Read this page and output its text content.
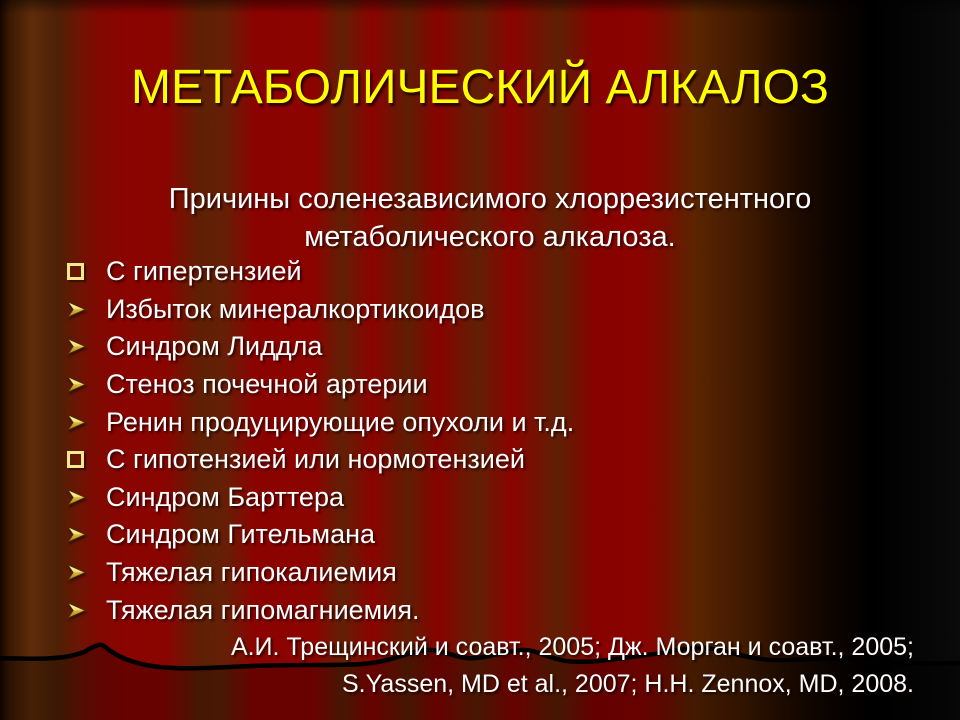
МЕТАБОЛИЧЕСКИЙ АЛКАЛОЗ
Причины соленезависимого хлоррезистентного
метаболического алкалоза.
С гипертензией
Избыток минералкортикоидов
Синдром Лиддла
Стеноз почечной артерии
Ренин продуцирующие опухоли и т.д.
С гипотензией или нормотензией
Синдром Барттера
Синдром Гительмана
Тяжелая гипокалиемия
Тяжелая гипомагниемия.
А.И. Трещинский и соавт., 2005; Дж. Морган и соавт., 2005;
S.Yassen, MD et al., 2007; H.H. Zennox, MD, 2008.
